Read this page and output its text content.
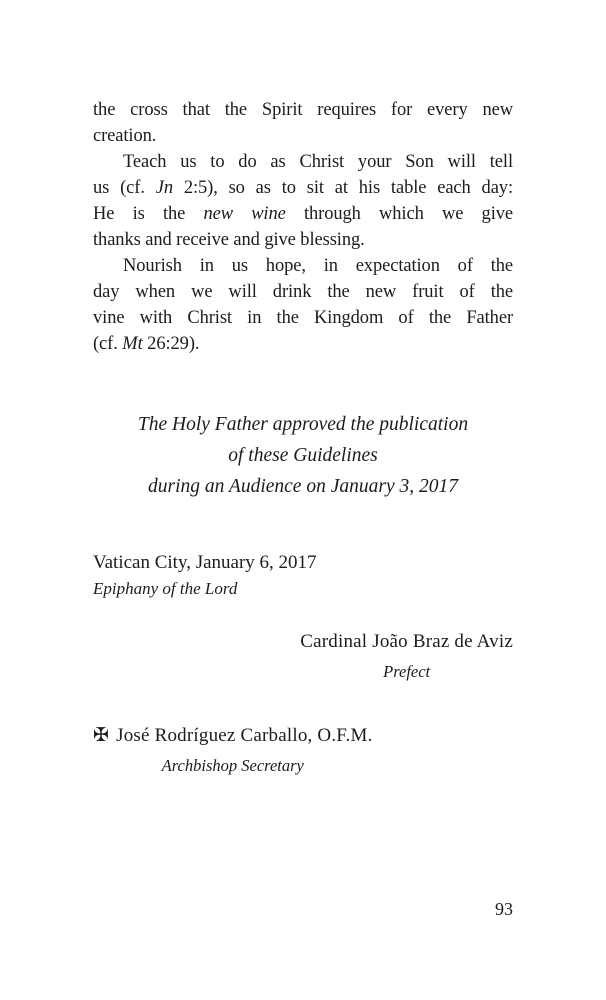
the cross that the Spirit requires for every new
creation.
Teach us to do as Christ your Son will tell
us (cf. Jn 2:5), so as to sit at his table each day:
He is the new wine through which we give
thanks and receive and give blessing.
Nourish in us hope, in expectation of the
day when we will drink the new fruit of the
vine with Christ in the Kingdom of the Father
(cf. Mt 26:29).
The Holy Father approved the publication
of these Guidelines
during an Audience on January 3, 2017
Vatican City, January 6, 2017
Epiphany of the Lord
Cardinal João Braz de Aviz
Prefect
✠ José Rodríguez Carballo, O.F.M.
Archbishop Secretary
93
